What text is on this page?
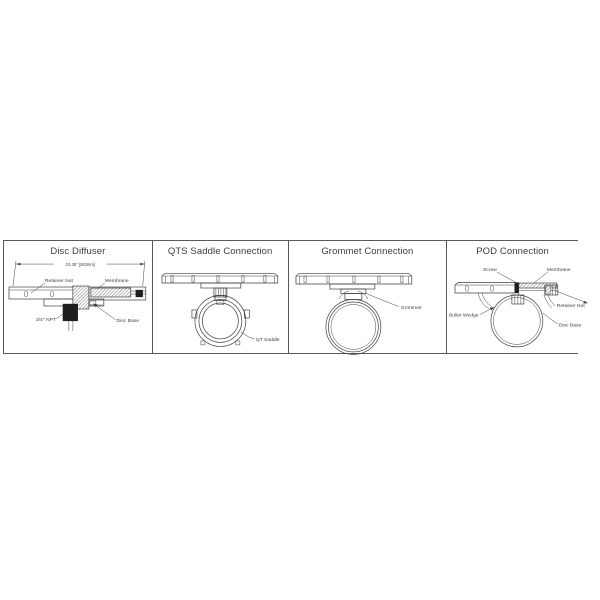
Disc Diffuser
10.35" [263mm]
Retainer Nut	Membrane
3/4" NPT	Disc Base
QTS Saddle Connection
QT Saddle
Grommet Connection
Grommet
POD Connection
Screw	Membrane
Bullet Wedge
Retainer Nut
Disc Base
